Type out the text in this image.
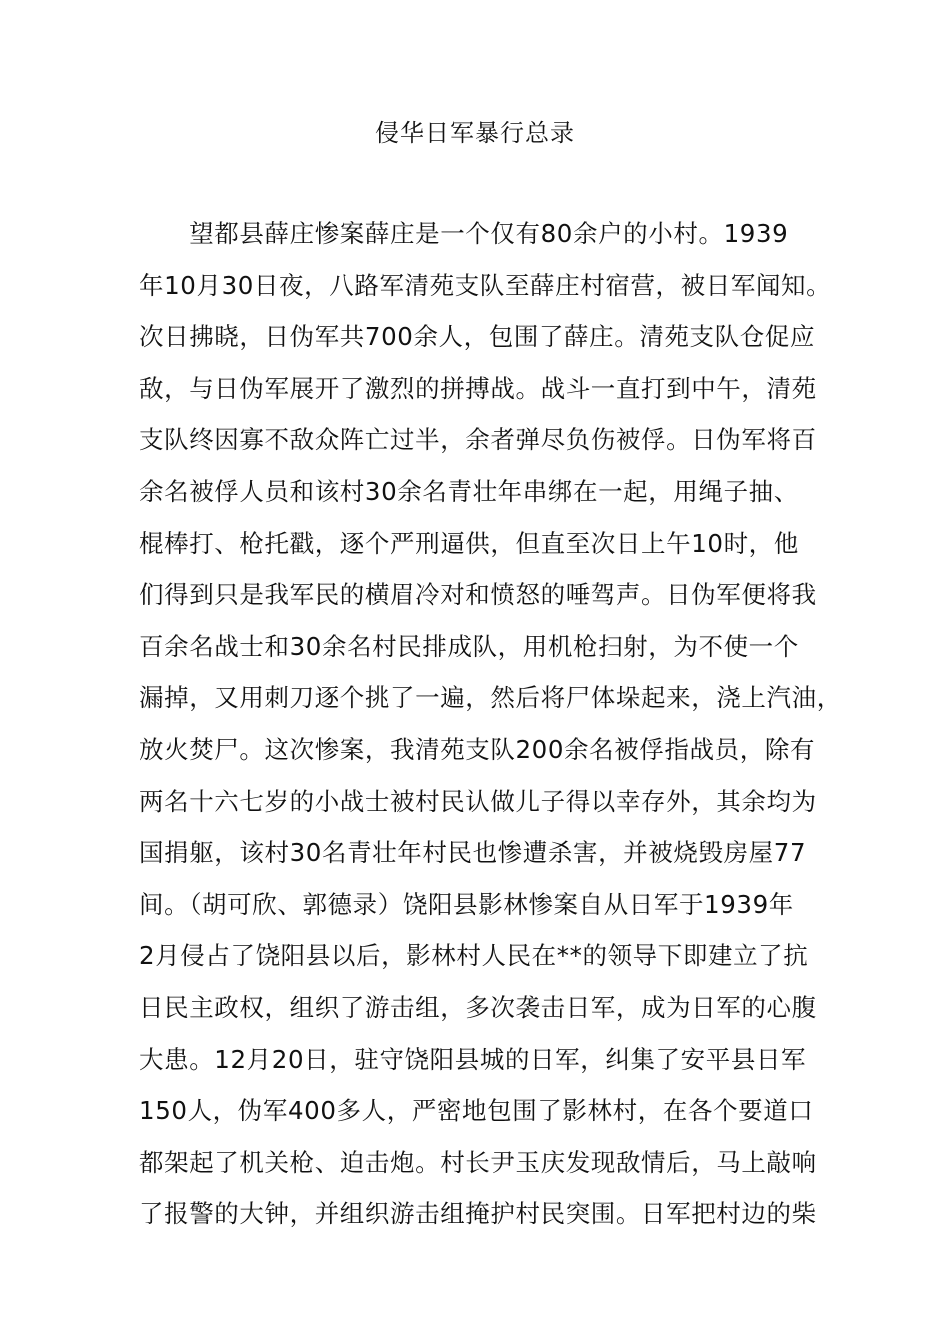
侵华日军暴行总录
　　望都县薛庄惨案薛庄是一个仅有80余户的小村。1939
年10月30日夜，八路军清苑支队至薛庄村宿营，被日军闻知。
次日拂晓，日伪军共700余人，包围了薛庄。清苑支队仓促应
敌，与日伪军展开了激烈的拼搏战。战斗一直打到中午，清苑
支队终因寡不敌众阵亡过半，余者弹尽负伤被俘。日伪军将百
余名被俘人员和该村30余名青壮年串绑在一起，用绳子抽、
棍棒打、枪托戳，逐个严刑逼供，但直至次日上午10时，他
们得到只是我军民的横眉冷对和愤怒的唾驾声。日伪军便将我
百余名战士和30余名村民排成队，用机枪扫射，为不使一个
漏掉，又用刺刀逐个挑了一遍，然后将尸体垛起来，浇上汽油，
放火焚尸。这次惨案，我清苑支队200余名被俘指战员，除有
两名十六七岁的小战士被村民认做儿子得以幸存外，其余均为
国捐躯，该村30名青壮年村民也惨遭杀害，并被烧毁房屋77
间。（胡可欣、郭德录）饶阳县影林惨案自从日军于1939年
2月侵占了饶阳县以后，影林村人民在**的领导下即建立了抗
日民主政权，组织了游击组，多次袭击日军，成为日军的心腹
大患。12月20日，驻守饶阳县城的日军，纠集了安平县日军
150人，伪军400多人，严密地包围了影林村，在各个要道口
都架起了机关枪、迫击炮。村长尹玉庆发现敌情后，马上敲响
了报警的大钟，并组织游击组掩护村民突围。日军把村边的柴
